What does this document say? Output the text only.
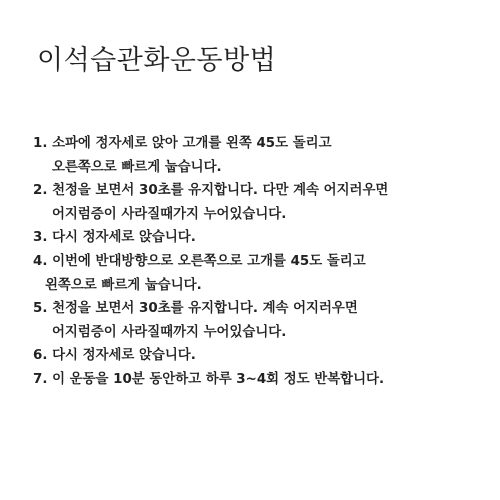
이석습관화운동방법
1. 소파에 정자세로 앉아 고개를 왼쪽 45도 돌리고
오른쪽으로 빠르게 눕습니다.
2. 천정을 보면서 30초를 유지합니다. 다만 계속 어지러우면
어지럼증이 사라질때가지 누어있습니다.
3. 다시 정자세로 앉습니다.
4. 이번에 반대방향으로 오른쪽으로 고개를 45도 돌리고
왼쪽으로 빠르게 눕습니다.
5. 천정을 보면서 30초를 유지합니다. 계속 어지러우면
어지럼증이 사라질때까지 누어있습니다.
6. 다시 정자세로 앉습니다.
7. 이 운동을 10분 동안하고 하루 3~4회 정도 반복합니다.
